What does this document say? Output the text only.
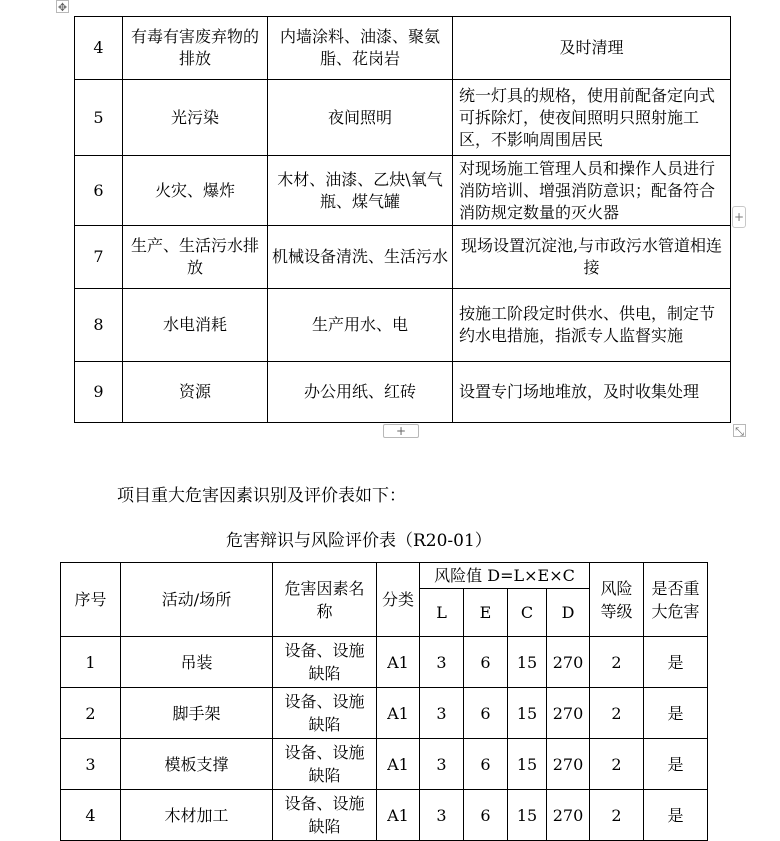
✥
4	有毒有害废弃物的排放	内墙涂料、油漆、聚氨脂、花岗岩	及时清理
5	光污染	夜间照明	统一灯具的规格，使用前配备定向式可拆除灯，使夜间照明只照射施工区，不影响周围居民
6	火灾、爆炸	木材、油漆、乙炔\氧气瓶、煤气罐	对现场施工管理人员和操作人员进行消防培训、增强消防意识；配备符合消防规定数量的灭火器
7	生产、生活污水排放	机械设备清洗、生活污水	现场设置沉淀池,与市政污水管道相连接
8	水电消耗	生产用水、电	按施工阶段定时供水、供电，制定节约水电措施，指派专人监督实施
9	资源	办公用纸、红砖	设置专门场地堆放，及时收集处理
+
+	⤡
项目重大危害因素识别及评价表如下：
危害辩识与风险评价表（R20-01）
序号	活动/场所	危害因素名称	分类	风险值 D=L×E×C				风险等级	是否重大危害
				L	E	C	D		
1	吊装	设备、设施缺陷	A1	3	6	15	270	2	是
2	脚手架	设备、设施缺陷	A1	3	6	15	270	2	是
3	模板支撑	设备、设施缺陷	A1	3	6	15	270	2	是
4	木材加工	设备、设施缺陷	A1	3	6	15	270	2	是
